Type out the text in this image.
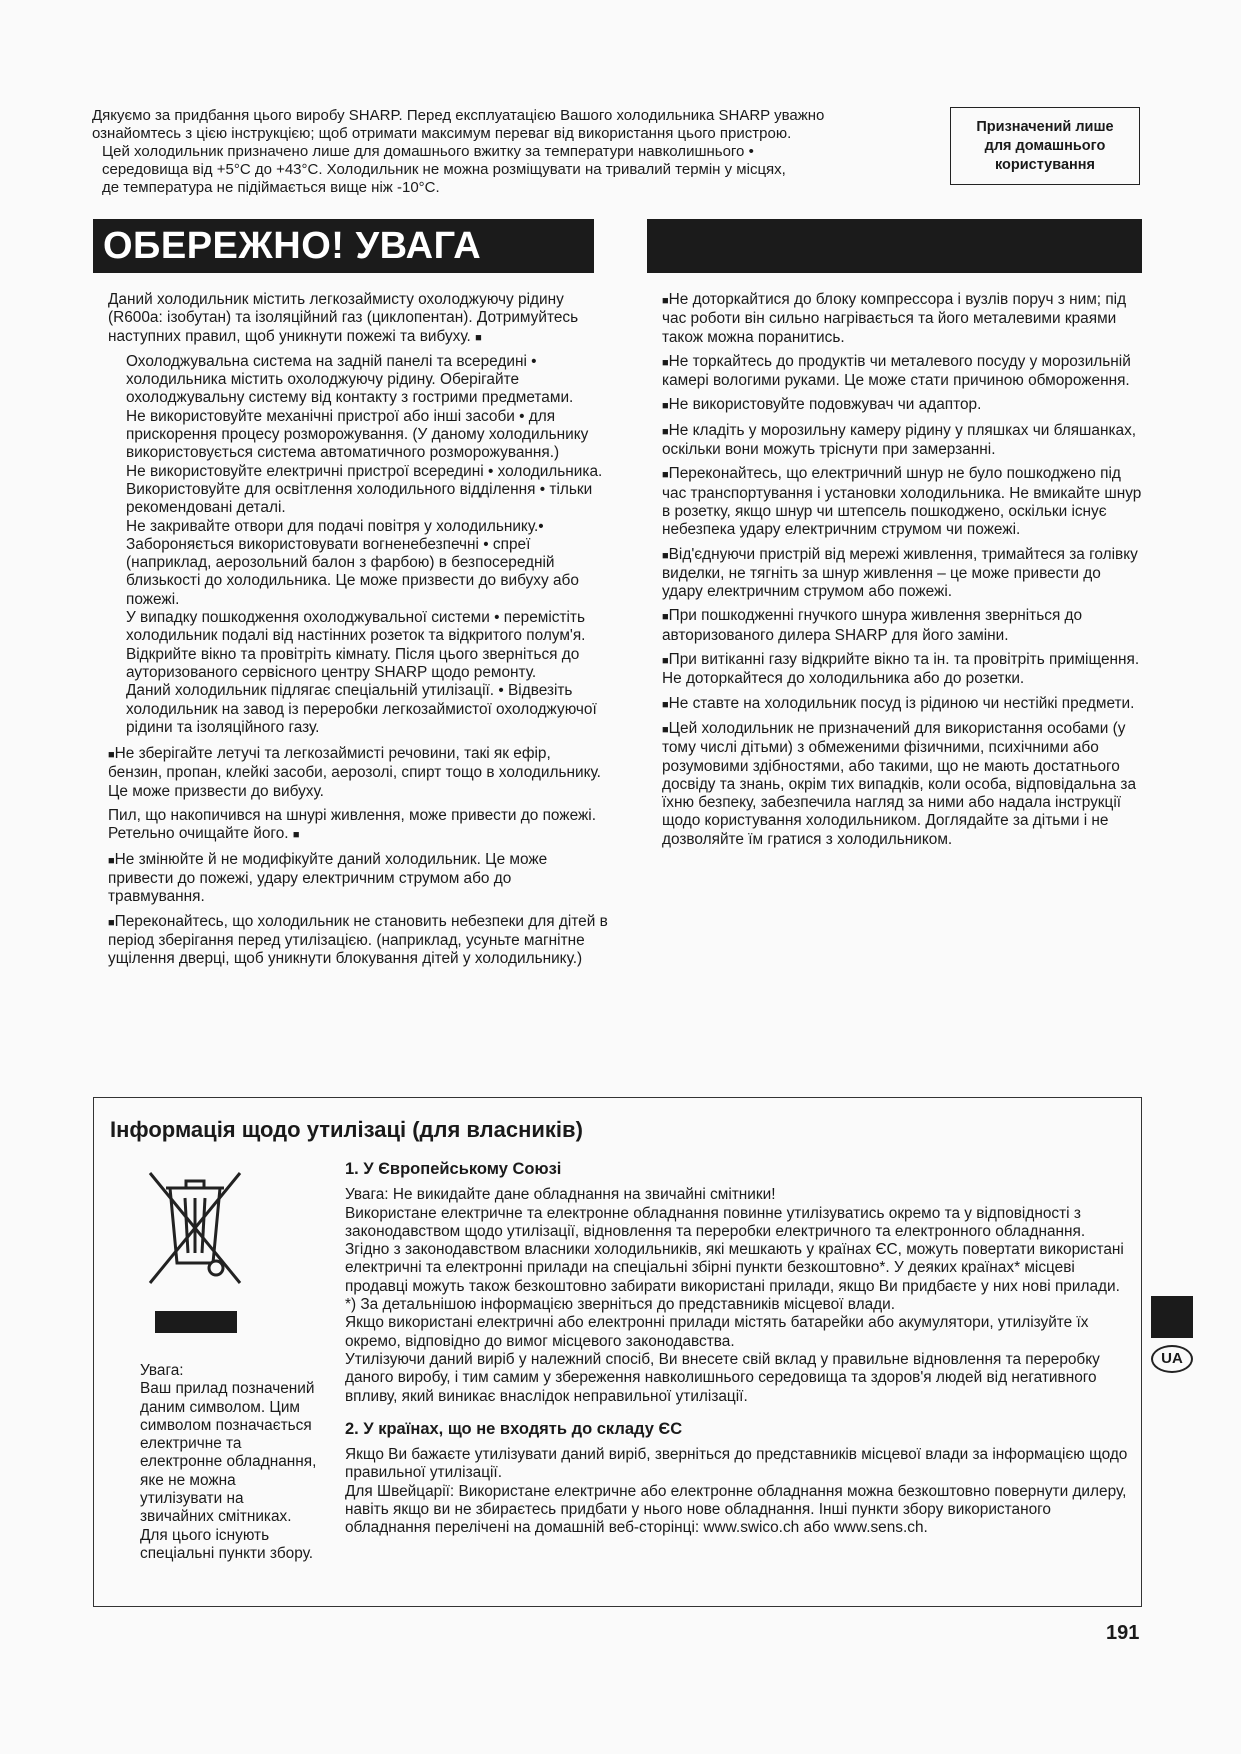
Дякуємо за придбання цього виробу SHARP. Перед експлуатацією Вашого холодильника SHARP уважно

ознайомтесь з цією інструкцією; щоб отримати максимум переваг від використання цього пристрою.

Цей холодильник призначено лише для домашнього вжитку за температури навколишнього •

середовища від +5°C до +43°C. Холодильник не можна розміщувати на тривалий термін у місцях,

де температура не підіймається вище ніж -10°C.

Призначений лише
для домашнього
користування
ОБЕРЕЖНО! УВАГА

Даний холодильник містить легкозаймисту охолоджуючу рідину (R600a: ізобутан) та ізоляційний газ (циклопентан). Дотримуйтесь наступних правил, щоб уникнути пожежі та вибуху. ■

Охолоджувальна система на задній панелі та всередині • холодильника містить охолоджуючу рідину. Оберігайте охолоджувальну систему від контакту з гострими предметами.

Не використовуйте механічні пристрої або інші засоби • для прискорення процесу розморожування. (У даному холодильнику використовується система автоматичного розморожування.)

Не використовуйте електричні пристрої всередині • холодильника.

Використовуйте для освітлення холодильного відділення • тільки рекомендовані деталі.

Не закривайте отвори для подачі повітря у холодильнику.•

Забороняється використовувати вогненебезпечні • спреї (наприклад, аерозольний балон з фарбою) в безпосередній близькості до холодильника. Це може призвести до вибуху або пожежі.

У випадку пошкодження охолоджувальної системи • перемістіть холодильник подалі від настінних розеток та відкритого полум'я. Відкрийте вікно та провітріть кімнату. Після цього зверніться до ауторизованого сервісного центру SHARP щодо ремонту.

Даний холодильник підлягає спеціальній утилізації. • Відвезіть холодильник на завод із переробки легкозаймистої охолоджуючої рідини та ізоляційного газу.

■Не зберігайте летучі та легкозаймисті речовини, такі як ефір, бензин, пропан, клейкі засоби, аерозолі, спирт тощо в холодильнику. Це може призвести до вибуху.

Пил, що накопичився на шнурі живлення, може привести до пожежі. Ретельно очищайте його. ■

■Не змінюйте й не модифікуйте даний холодильник. Це може привести до пожежі, удару електричним струмом або до травмування.

■Переконайтесь, що холодильник не становить небезпеки для дітей в період зберігання перед утилізацією. (наприклад, усуньте магнітне ущілення дверці, щоб уникнути блокування дітей у холодильнику.)

■Не доторкайтися до блоку компрессора і вузлів поруч з ним; під час роботи він сильно нагрівається та його металевими краями також можна поранитись.

■Не торкайтесь до продуктів чи металевого посуду у морозильній камері вологими руками. Це може стати причиною обмороження.

■Не використовуйте подовжувач чи адаптор.

■Не кладіть у морозильну камеру рідину у пляшках чи бляшанках, оскільки вони можуть тріснути при замерзанні.

■Переконайтесь, що електричний шнур не було пошкоджено під час транспортування і установки холодильника. Не вмикайте шнур в розетку, якщо шнур чи штепсель пошкоджено, оскільки існує небезпека удару електричним струмом чи пожежі.

■Від'єднуючи пристрій від мережі живлення, тримайтеся за голівку виделки, не тягніть за шнур живлення – це може привести до удару електричним струмом або пожежі.

■При пошкодженні гнучкого шнура живлення зверніться до авторизованого дилера SHARP для його заміни.

■При витіканні газу відкрийте вікно та ін. та провітріть приміщення. Не доторкайтеся до холодильника або до розетки.

■Не ставте на холодильник посуд із рідиною чи нестійкі предмети.

■Цей холодильник не призначений для використання особами (у тому числі дітьми) з обмеженими фізичними, психічними або розумовими здібностями, або такими, що не мають достатнього досвіду та знань, окрім тих випадків, коли особа, відповідальна за їхню безпеку, забезпечила нагляд за ними або надала інструкції щодо користування холодильником. Доглядайте за дітьми і не дозволяйте їм гратися з холодильником.

Інформація щодо утилізаці (для власників)

Увага:
Ваш прилад позначений даним символом. Цим символом позначається електричне та електронне обладнання, яке не можна утилізувати на звичайних смітниках. Для цього існують спеціальні пункти збору.

1. У Європейському Союзі

Увага: Не викидайте дане обладнання на звичайні смітники!

Використане електричне та електронне обладнання повинне утилізуватись окремо та у відповідності з законодавством щодо утилізації, відновлення та переробки електричного та електронного обладнання.

Згідно з законодавством власники холодильників, які мешкають у країнах ЄС, можуть повертати використані електричні та електронні прилади на спеціальні збірні пункти безкоштовно*. У деяких країнах* місцеві продавці можуть також безкоштовно забирати використані прилади, якщо Ви придбаєте у них нові прилади.

*) За детальнішою інформацією зверніться до представників місцевої влади.

Якщо використані електричні або електронні прилади містять батарейки або акумулятори, утилізуйте їх окремо, відповідно до вимог місцевого законодавства.

Утилізуючи даний виріб у належний спосіб, Ви внесете свій вклад у правильне відновлення та переробку даного виробу, і тим самим у збереження навколишнього середовища та здоров'я людей від негативного впливу, який виникає внаслідок неправильної утилізації.

2. У країнах, що не входять до складу ЄС

Якщо Ви бажаєте утилізувати даний виріб, зверніться до представників місцевої влади за інформацією щодо правильної утилізації.

Для Швейцарії: Використане електричне або електронне обладнання можна безкоштовно повернути дилеру, навіть якщо ви не збираєтесь придбати у нього нове обладнання. Інші пункти збору використаного обладнання перелічені на домашній веб-сторінці: www.swico.ch або www.sens.ch.

UA
191
